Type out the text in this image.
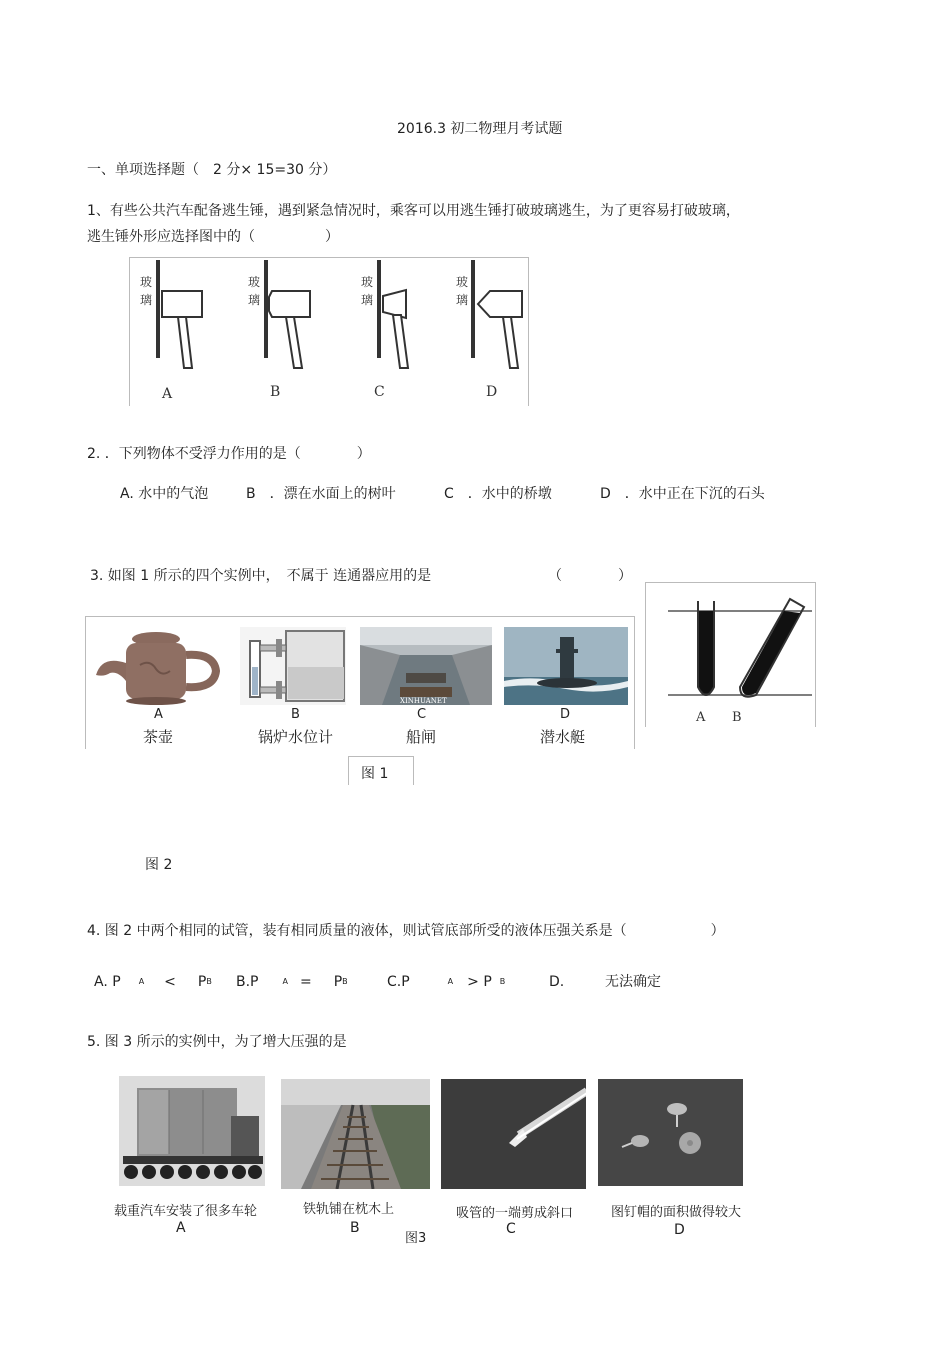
2016.3 初二物理月考试题
一、单项选择题（　2 分× 15=30 分）
1、有些公共汽车配备逃生锤，遇到紧急情况时，乘客可以用逃生锤打破玻璃逃生，为了更容易打破玻璃，
逃生锤外形应选择图中的（　　　　　）
玻
璃
玻
璃
玻
璃
玻
璃
A	B	C	D
2. ．下列物体不受浮力作用的是（　　　　）
A. 水中的气泡	B　．漂在水面上的树叶	C　．水中的桥墩	D　．水中正在下沉的石头
3. 如图 1 所示的四个实例中，　不属于 连通器应用的是	（　　　　）
XINHUANET
A	B	C	D
茶壶	锅炉水位计	船闸	潜水艇
图 1
A B
图 2
4. 图 2 中两个相同的试管，装有相同质量的液体，则试管底部所受的液体压强关系是（　　　　　　）
A. P A < PB B.P	A = PB	C.P	A > P B	D.	无法确定
5. 图 3 所示的实例中，为了增大压强的是
载重汽车安装了很多车轮
A
铁轨铺在枕木上
B
图3
吸管的一端剪成斜口
C
图钉帽的面积做得较大
D
